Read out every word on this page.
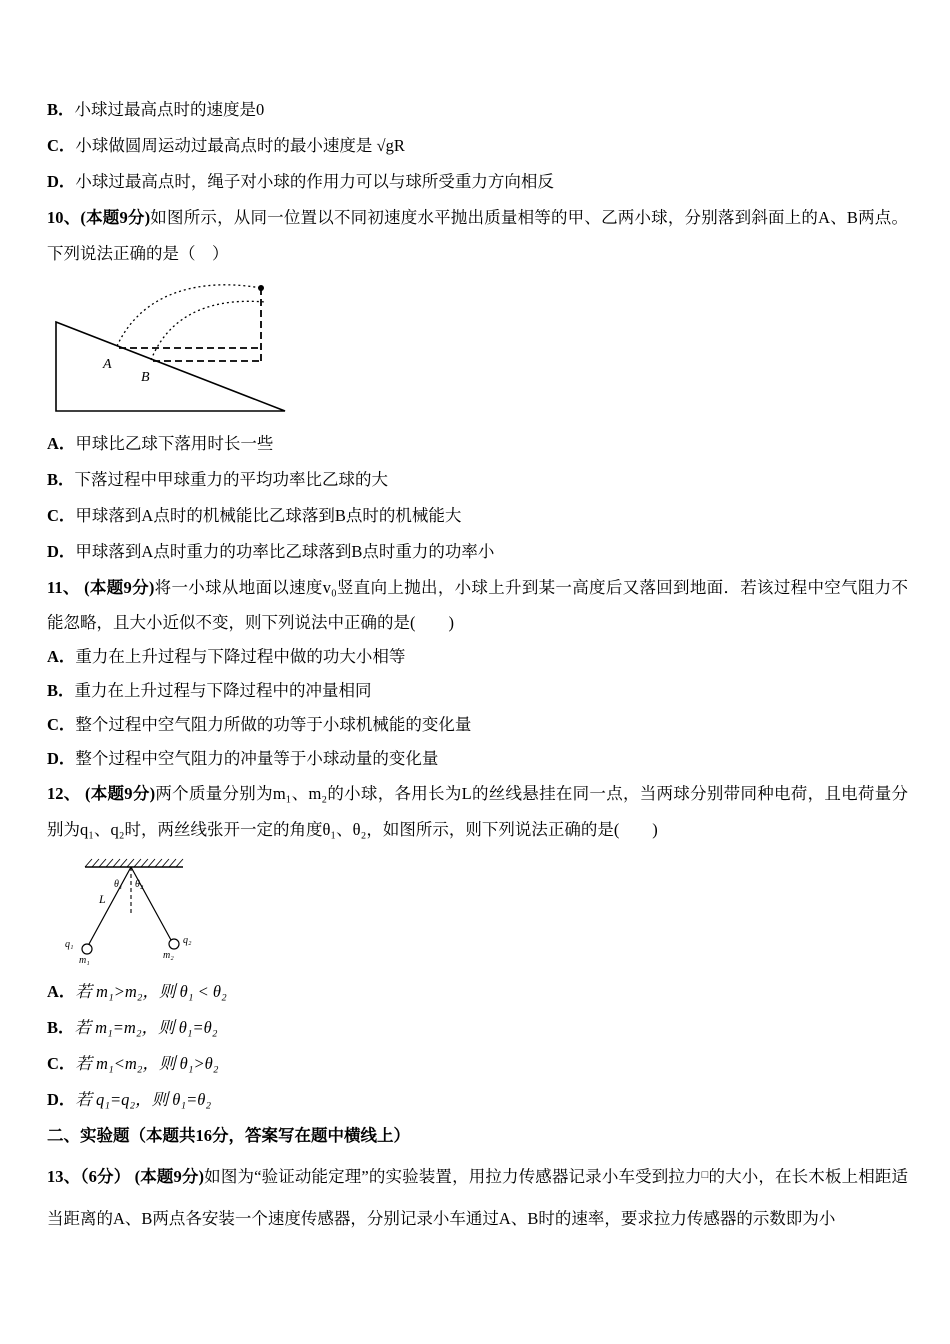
B．小球过最高点时的速度是0

C．小球做圆周运动过最高点时的最小速度是 √gR

D．小球过最高点时，绳子对小球的作用力可以与球所受重力方向相反

10、(本题9分)如图所示，从同一位置以不同初速度水平抛出质量相等的甲、乙两小球，分别落到斜面上的A、B两点。下列说法正确的是（　）

A
B

A．甲球比乙球下落用时长一些

B．下落过程中甲球重力的平均功率比乙球的大

C．甲球落到A点时的机械能比乙球落到B点时的机械能大

D．甲球落到A点时重力的功率比乙球落到B点时重力的功率小

11、 (本题9分)将一小球从地面以速度v₀竖直向上抛出，小球上升到某一高度后又落回到地面．若该过程中空气阻力不能忽略，且大小近似不变，则下列说法中正确的是(　　)

A．重力在上升过程与下降过程中做的功大小相等

B．重力在上升过程与下降过程中的冲量相同

C．整个过程中空气阻力所做的功等于小球机械能的变化量

D．整个过程中空气阻力的冲量等于小球动量的变化量

12、 (本题9分)两个质量分别为m₁、m₂的小球，各用长为L的丝线悬挂在同一点，当两球分别带同种电荷，且电荷量分别为q₁、q₂时，两丝线张开一定的角度θ₁、θ₂，如图所示，则下列说法正确的是(　　)

L
θ₁ θ₂
q₁
m₁
q₂
m₂

A．若 m₁>m₂，则 θ₁ < θ₂

B．若 m₁=m₂，则 θ₁=θ₂

C．若 m₁<m₂，则 θ₁>θ₂

D．若 q₁=q₂，则 θ₁=θ₂

二、实验题（本题共16分，答案写在题中横线上）

13、（6分） (本题9分)如图为“验证动能定理”的实验装置，用拉力传感器记录小车受到拉力□的大小，在长木板上相距适当距离的A、B两点各安装一个速度传感器，分别记录小车通过A、B时的速率，要求拉力传感器的示数即为小
